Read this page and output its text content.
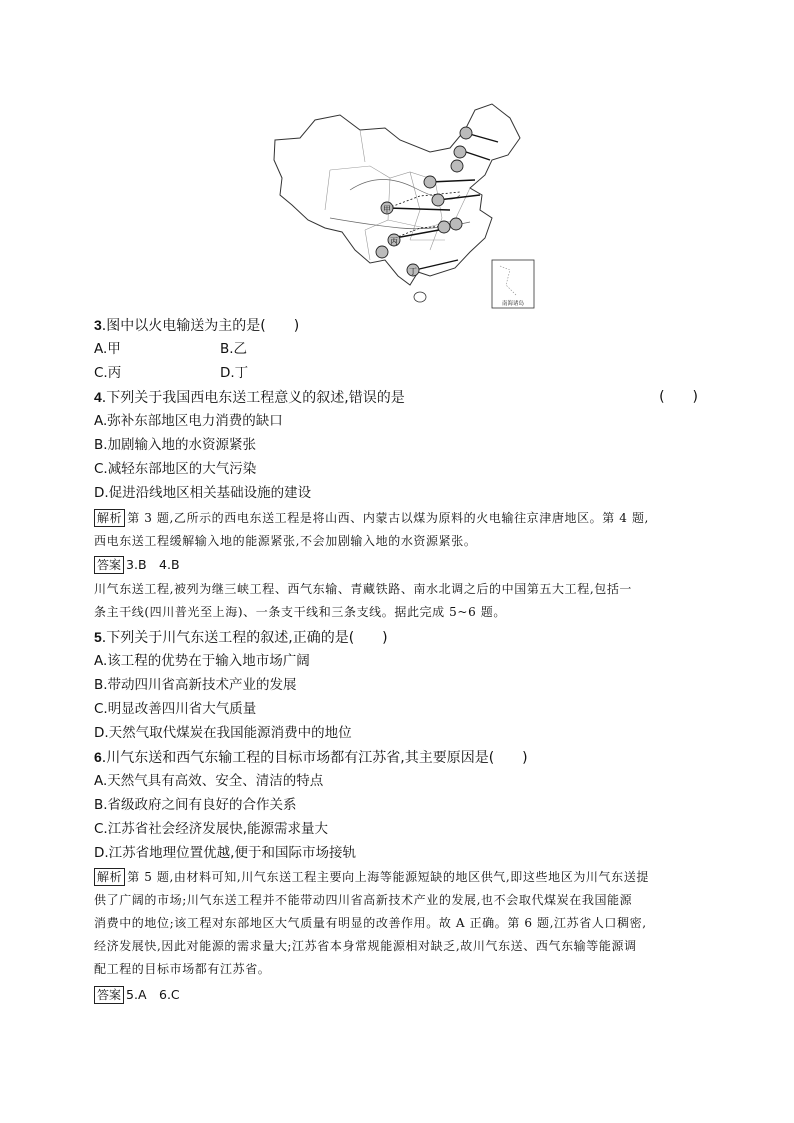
甲
丙
丁
南海诸岛
3.图中以火电输送为主的是(　　)
A.甲	B.乙
C.丙	D.丁
4.下列关于我国西电东送工程意义的叙述,错误的是	(　　)
A.弥补东部地区电力消费的缺口
B.加剧输入地的水资源紧张
C.减轻东部地区的大气污染
D.促进沿线地区相关基础设施的建设
解析 第 3 题,乙所示的西电东送工程是将山西、内蒙古以煤为原料的火电输往京津唐地区。第 4 题,
西电东送工程缓解输入地的能源紧张,不会加剧输入地的水资源紧张。
答案 3.B　4.B
川气东送工程,被列为继三峡工程、西气东输、青藏铁路、南水北调之后的中国第五大工程,包括一
条主干线(四川普光至上海)、一条支干线和三条支线。据此完成 5~6 题。
5.下列关于川气东送工程的叙述,正确的是(　　)
A.该工程的优势在于输入地市场广阔
B.带动四川省高新技术产业的发展
C.明显改善四川省大气质量
D.天然气取代煤炭在我国能源消费中的地位
6.川气东送和西气东输工程的目标市场都有江苏省,其主要原因是(　　)
A.天然气具有高效、安全、清洁的特点
B.省级政府之间有良好的合作关系
C.江苏省社会经济发展快,能源需求量大
D.江苏省地理位置优越,便于和国际市场接轨
解析 第 5 题,由材料可知,川气东送工程主要向上海等能源短缺的地区供气,即这些地区为川气东送提
供了广阔的市场;川气东送工程并不能带动四川省高新技术产业的发展,也不会取代煤炭在我国能源
消费中的地位;该工程对东部地区大气质量有明显的改善作用。故 A 正确。第 6 题,江苏省人口稠密,
经济发展快,因此对能源的需求量大;江苏省本身常规能源相对缺乏,故川气东送、西气东输等能源调
配工程的目标市场都有江苏省。
答案 5.A　6.C
